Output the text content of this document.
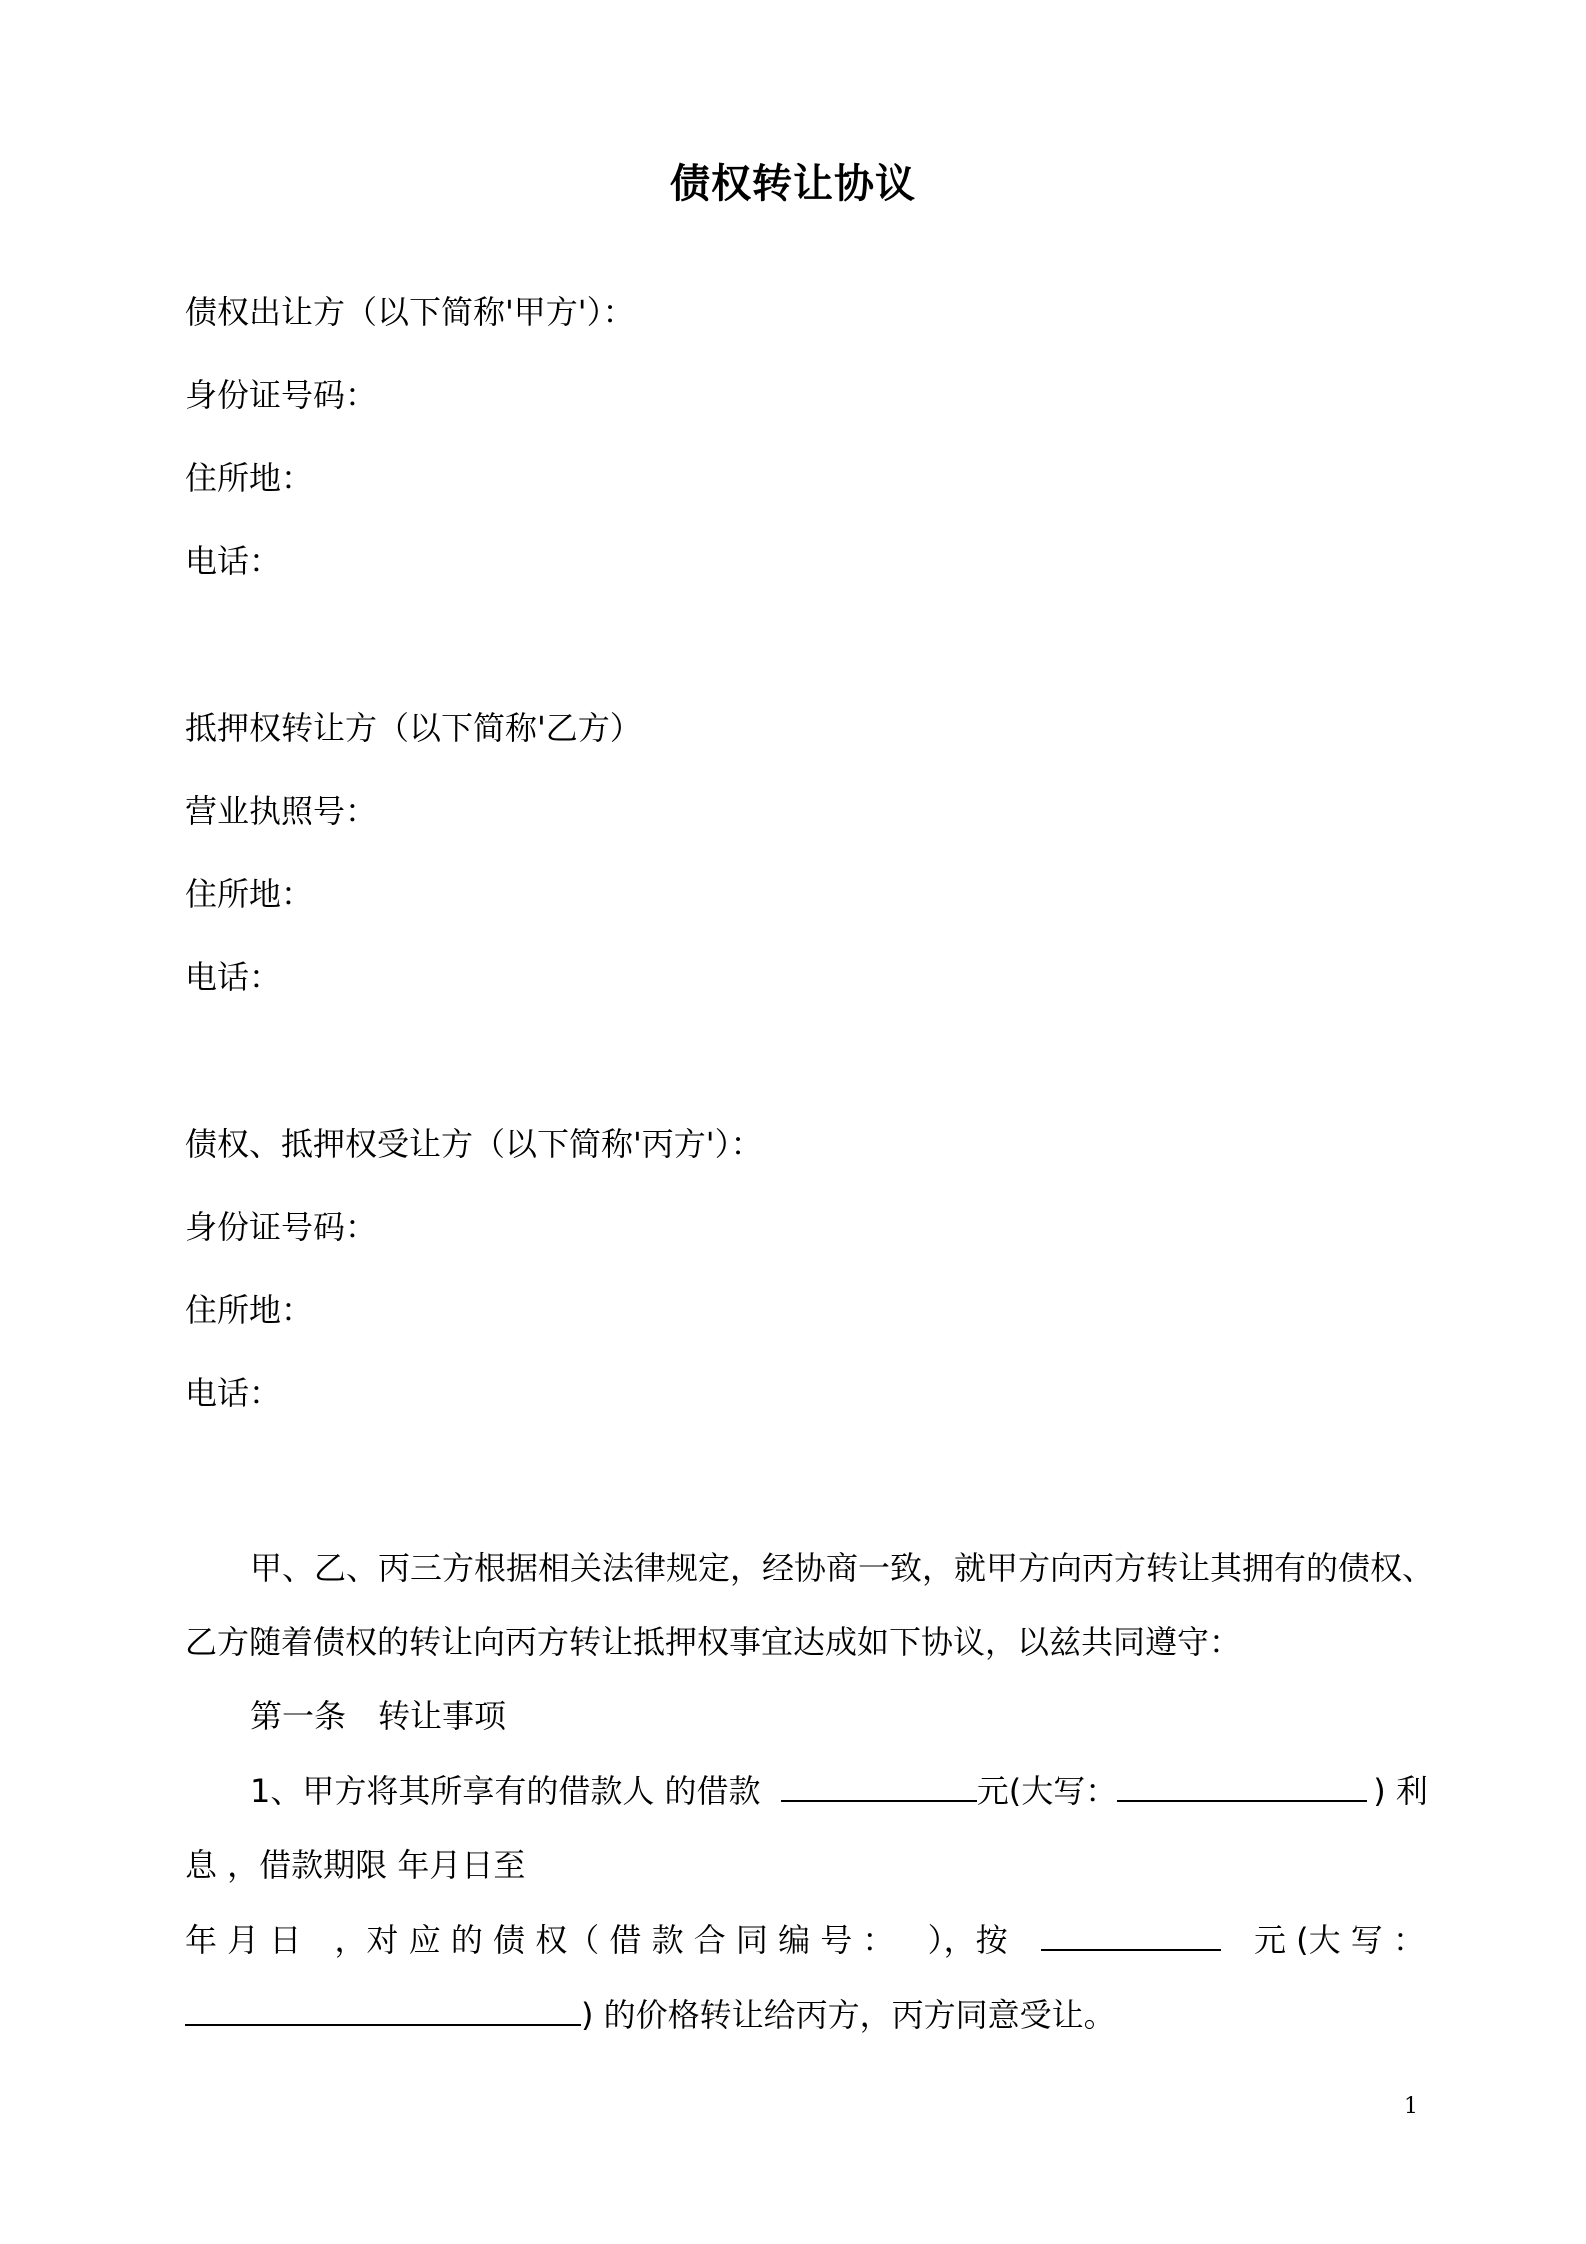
债权转让协议
债权出让方（以下简称'甲方'）：
身份证号码：
住所地：
电话：
抵押权转让方（以下简称'乙方）
营业执照号：
住所地：
电话：
债权、抵押权受让方（以下简称'丙方'）：
身份证号码：
住所地：
电话：
甲、乙、丙三方根据相关法律规定，经协商一致，就甲方向丙方转让其拥有的债权、
乙方随着债权的转让向丙方转让抵押权事宜达成如下协议，以兹共同遵守：
第一条　转让事项
1、甲方将其所享有的借款人 的借款	元(大写：	) 利
息 ，借款期限 年月日至
年 月 日 ，对 应 的 债 权（ 借 款 合 同 编 号 ： ），按	元 (大 写 ：
) 的价格转让给丙方，丙方同意受让。
1
